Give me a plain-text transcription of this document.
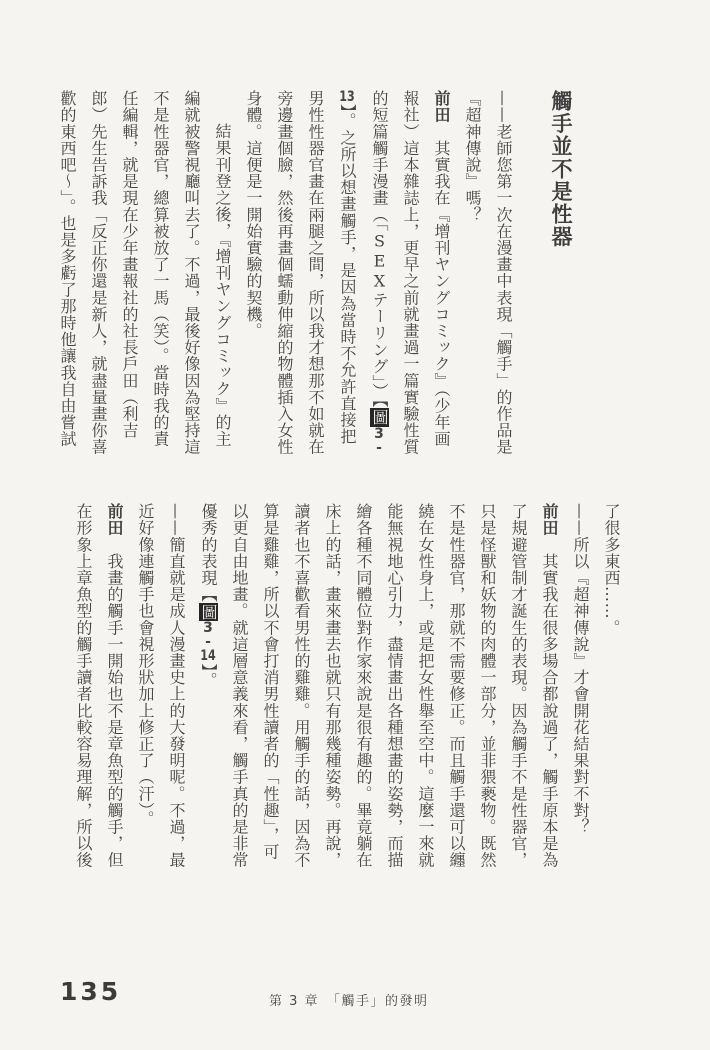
觸手並不是性器

——老師您第一次在漫畫中表現「觸手」的作品是

『超神傳說』嗎？

前田　其實我在『增刊ヤングコミック』（少年画

報社）這本雜誌上，更早之前就畫過一篇實驗性質

的短篇觸手漫畫（「SEXテーリング」）【圖3-

13】。之所以想畫觸手，是因為當時不允許直接把

男性性器官畫在兩腿之間，所以我才想那不如就在

旁邊畫個臉，然後再畫個蠕動伸縮的物體插入女性

身體。這便是一開始實驗的契機。

結果刊登之後，『增刊ヤングコミック』的主

編就被警視廳叫去了。不過，最後好像因為堅持這

不是性器官，總算被放了一馬（笑）。當時我的責

任編輯，就是現在少年畫報社的社長戶田（利吉

郎）先生告訴我「反正你還是新人，就盡量畫你喜

歡的東西吧～」。也是多虧了那時他讓我自由嘗試

了很多東西……。

——所以『超神傳說』才會開花結果對不對？

前田　其實我在很多場合都說過了，觸手原本是為

了規避管制才誕生的表現。因為觸手不是性器官，

只是怪獸和妖物的肉體一部分，並非猥褻物。既然

不是性器官，那就不需要修正。而且觸手還可以纏

繞在女性身上，或是把女性舉至空中。這麼一來就

能無視地心引力，盡情畫出各種想畫的姿勢，而描

繪各種不同體位對作家來說是很有趣的。畢竟躺在

床上的話，畫來畫去也就只有那幾種姿勢。再說，

讀者也不喜歡看男性的雞雞。用觸手的話，因為不

算是雞雞，所以不會打消男性讀者的「性趣」，可

以更自由地畫。就這層意義來看，觸手真的是非常

優秀的表現【圖3-14】。

——簡直就是成人漫畫史上的大發明呢。不過，最

近好像連觸手也會視形狀加上修正了（汗）。

前田　我畫的觸手一開始也不是章魚型的觸手，但

在形象上章魚型的觸手讀者比較容易理解，所以後

135	第 3 章　「觸手」的發明
